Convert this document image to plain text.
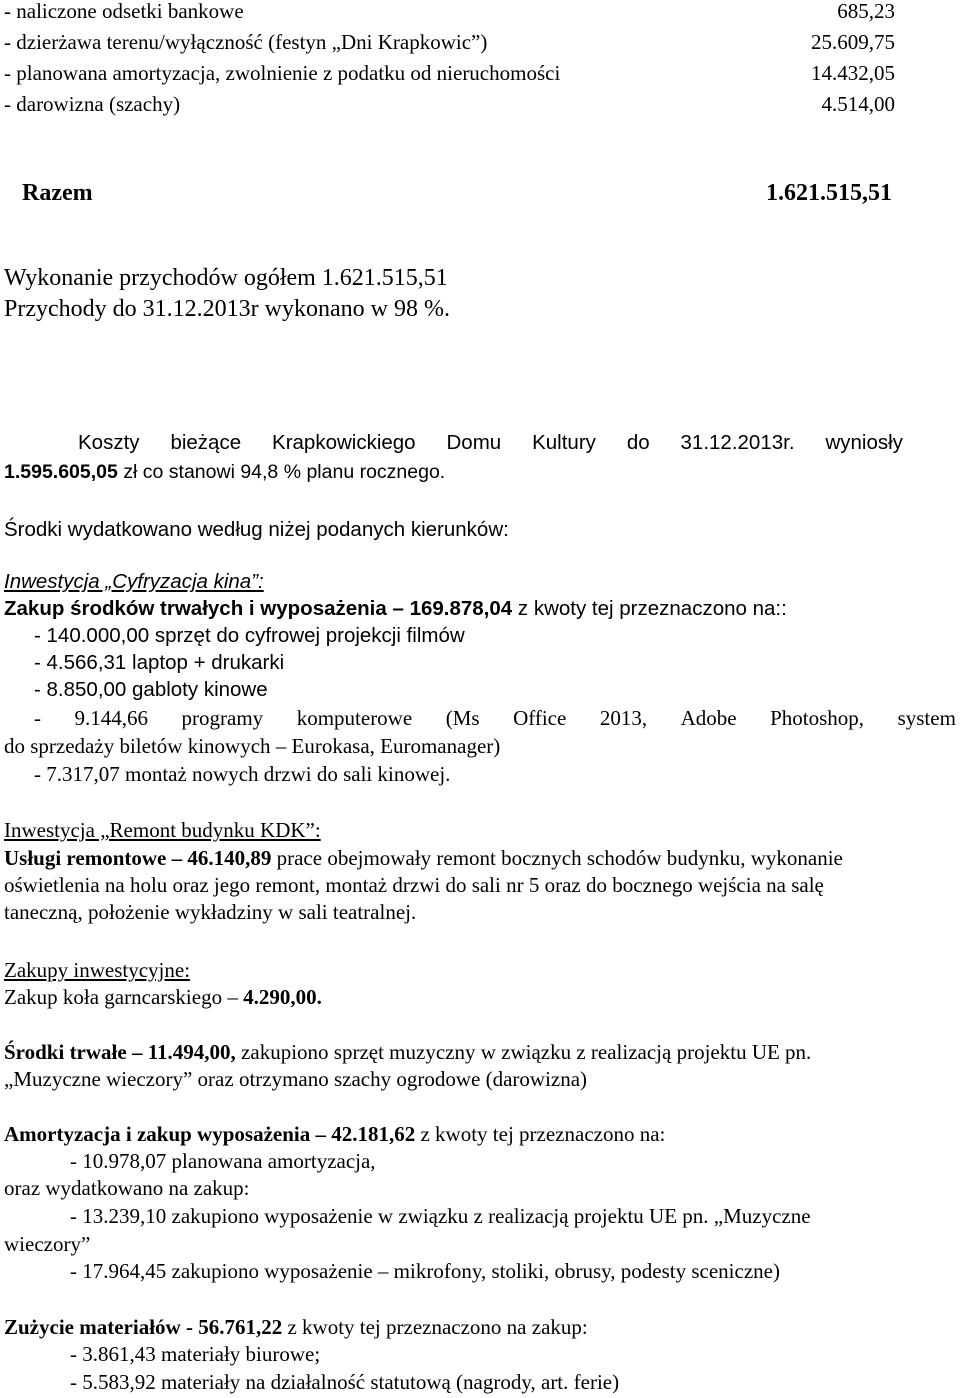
- naliczone odsetki bankowe	685,23
- dzierżawa terenu/wyłączność (festyn „Dni Krapkowic”)	25.609,75
- planowana amortyzacja, zwolnienie z podatku od nieruchomości	14.432,05
- darowizna (szachy)	4.514,00
Razem	1.621.515,51
Wykonanie przychodów ogółem 1.621.515,51
Przychody do 31.12.2013r wykonano w 98 %.
Koszty bieżące Krapkowickiego Domu Kultury do 31.12.2013r. wyniosły
1.595.605,05 zł co stanowi 94,8 % planu rocznego.
Środki wydatkowano według niżej podanych kierunków:
Inwestycja „Cyfryzacja kina”:
Zakup środków trwałych i wyposażenia – 169.878,04 z kwoty tej przeznaczono na::
- 140.000,00 sprzęt do cyfrowej projekcji filmów
- 4.566,31 laptop + drukarki
- 8.850,00 gabloty kinowe
- 9.144,66 programy komputerowe (Ms Office 2013, Adobe Photoshop, system
do sprzedaży biletów kinowych – Eurokasa, Euromanager)
- 7.317,07 montaż nowych drzwi do sali kinowej.
Inwestycja „Remont budynku KDK”:
Usługi remontowe – 46.140,89 prace obejmowały remont bocznych schodów budynku, wykonanie
oświetlenia na holu oraz jego remont, montaż drzwi do sali nr 5 oraz do bocznego wejścia na salę
taneczną, położenie wykładziny w sali teatralnej.
Zakupy inwestycyjne:
Zakup koła garncarskiego – 4.290,00.
Środki trwałe – 11.494,00, zakupiono sprzęt muzyczny w związku z realizacją projektu UE pn.
„Muzyczne wieczory” oraz otrzymano szachy ogrodowe (darowizna)
Amortyzacja i zakup wyposażenia – 42.181,62 z kwoty tej przeznaczono na:
- 10.978,07 planowana amortyzacja,
oraz wydatkowano na zakup:
- 13.239,10 zakupiono wyposażenie w związku z realizacją projektu UE pn. „Muzyczne
wieczory”
- 17.964,45 zakupiono wyposażenie – mikrofony, stoliki, obrusy, podesty sceniczne)
Zużycie materiałów - 56.761,22 z kwoty tej przeznaczono na zakup:
- 3.861,43 materiały biurowe;
- 5.583,92 materiały na działalność statutową (nagrody, art. ferie)
